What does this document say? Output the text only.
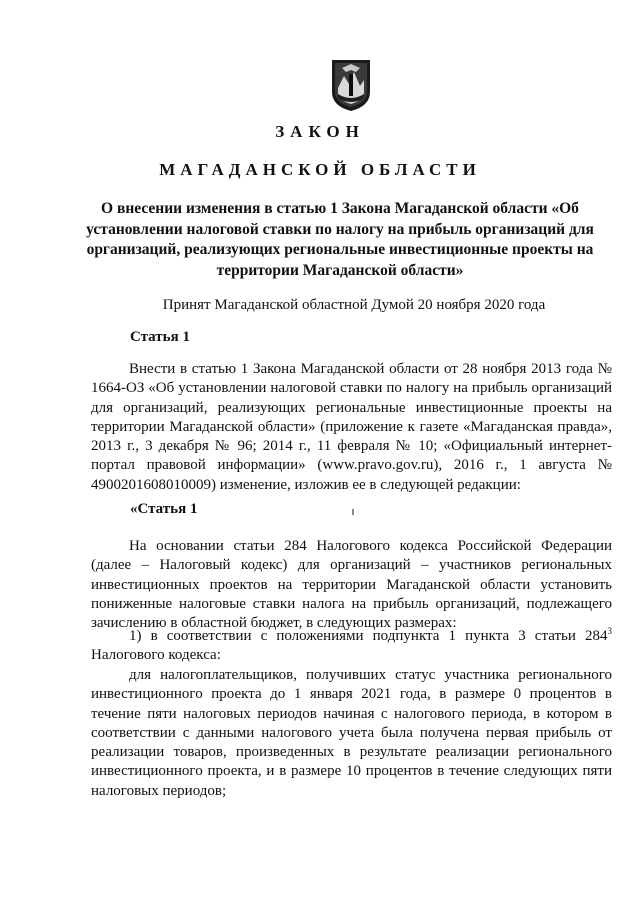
ЗАКОН
МАГАДАНСКОЙ ОБЛАСТИ
О внесении изменения в статью 1 Закона Магаданской области «Об установлении налоговой ставки по налогу на прибыль организаций для организаций, реализующих региональные инвестиционные проекты на территории Магаданской области»
Принят Магаданской областной Думой 20 ноября 2020 года
Статья 1
Внести в статью 1 Закона Магаданской области от 28 ноября 2013 года № 1664-ОЗ «Об установлении налоговой ставки по налогу на прибыль организаций для организаций, реализующих региональные инвестиционные проекты на территории Магаданской области» (приложение к газете «Магаданская правда», 2013 г., 3 декабря № 96; 2014 г., 11 февраля № 10; «Официальный интернет-портал правовой информации» (www.pravo.gov.ru), 2016 г., 1 августа № 4900201608010009) изменение, изложив ее в следующей редакции:
«Статья 1
На основании статьи 284 Налогового кодекса Российской Федерации (далее – Налоговый кодекс) для организаций – участников региональных инвестиционных проектов на территории Магаданской области установить пониженные налоговые ставки налога на прибыль организаций, подлежащего зачислению в областной бюджет, в следующих размерах:
1) в соответствии с положениями подпункта 1 пункта 3 статьи $284^3$ Налогового кодекса:
для налогоплательщиков, получивших статус участника регионального инвестиционного проекта до 1 января 2021 года, в размере 0 процентов в течение пяти налоговых периодов начиная с налогового периода, в котором в соответствии с данными налогового учета была получена первая прибыль от реализации товаров, произведенных в результате реализации регионального инвестиционного проекта, и в размере 10 процентов в течение следующих пяти налоговых периодов;
